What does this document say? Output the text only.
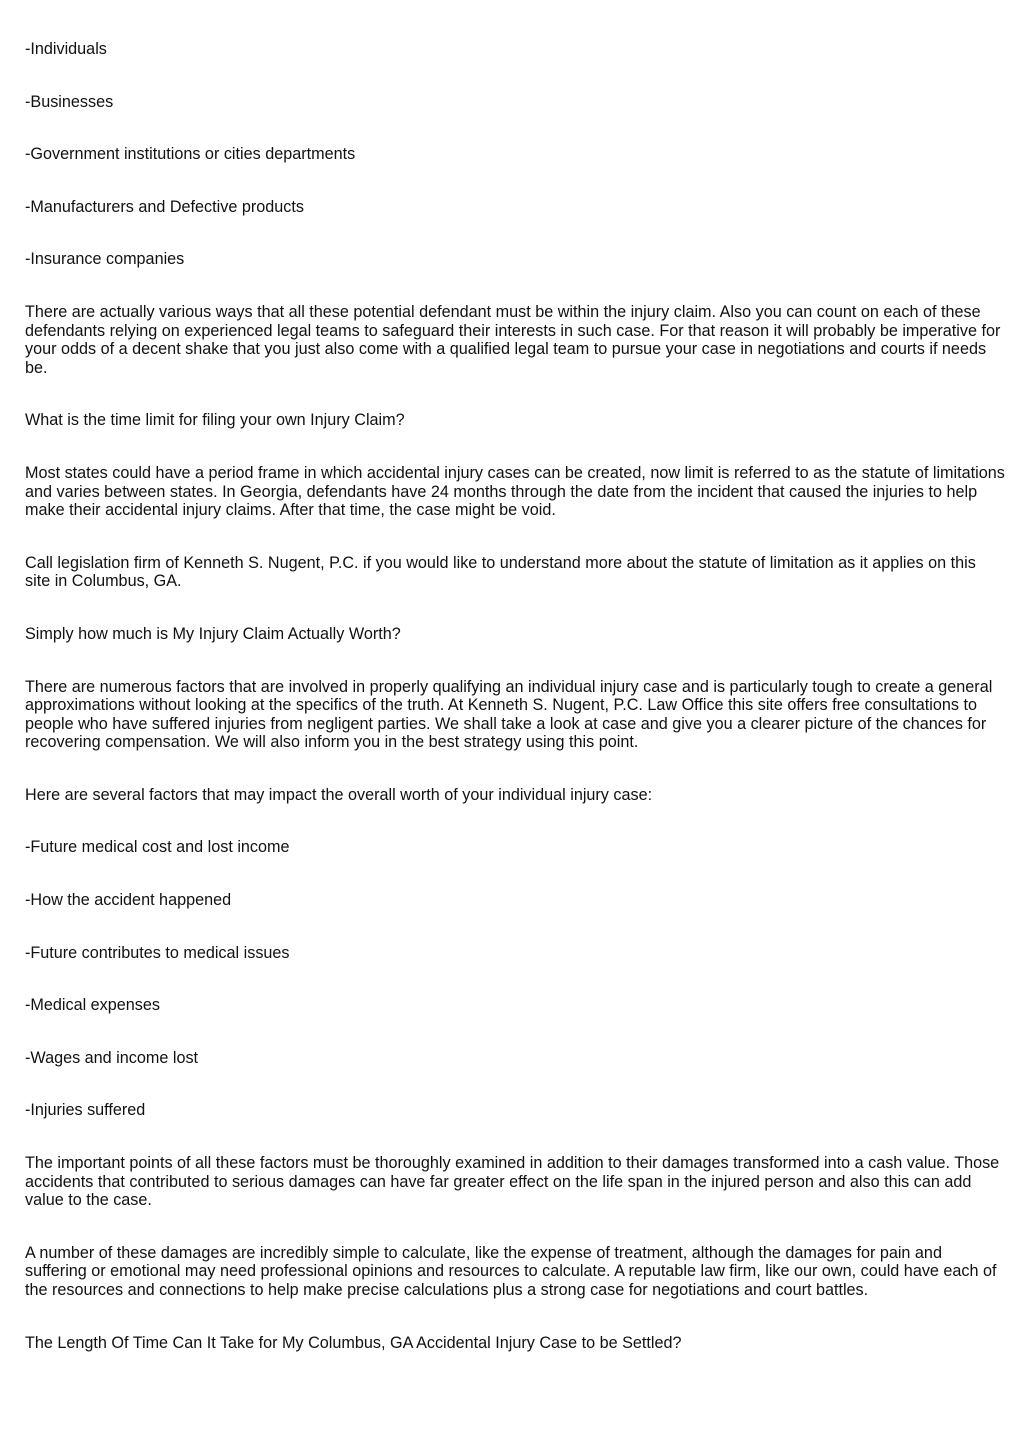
-Individuals

-Businesses

-Government institutions or cities departments

-Manufacturers and Defective products

-Insurance companies

There are actually various ways that all these potential defendant must be within the injury claim. Also you can count on each of these defendants relying on experienced legal teams to safeguard their interests in such case. For that reason it will probably be imperative for your odds of a decent shake that you just also come with a qualified legal team to pursue your case in negotiations and courts if needs be.

What is the time limit for filing your own Injury Claim?

Most states could have a period frame in which accidental injury cases can be created, now limit is referred to as the statute of limitations and varies between states. In Georgia, defendants have 24 months through the date from the incident that caused the injuries to help make their accidental injury claims. After that time, the case might be void.

Call legislation firm of Kenneth S. Nugent, P.C. if you would like to understand more about the statute of limitation as it applies on this site in Columbus, GA.

Simply how much is My Injury Claim Actually Worth?

There are numerous factors that are involved in properly qualifying an individual injury case and is particularly tough to create a general approximations without looking at the specifics of the truth. At Kenneth S. Nugent, P.C. Law Office this site offers free consultations to people who have suffered injuries from negligent parties. We shall take a look at case and give you a clearer picture of the chances for recovering compensation. We will also inform you in the best strategy using this point.

Here are several factors that may impact the overall worth of your individual injury case:

-Future medical cost and lost income

-How the accident happened

-Future contributes to medical issues

-Medical expenses

-Wages and income lost

-Injuries suffered

The important points of all these factors must be thoroughly examined in addition to their damages transformed into a cash value. Those accidents that contributed to serious damages can have far greater effect on the life span in the injured person and also this can add value to the case.

A number of these damages are incredibly simple to calculate, like the expense of treatment, although the damages for pain and suffering or emotional may need professional opinions and resources to calculate. A reputable law firm, like our own, could have each of the resources and connections to help make precise calculations plus a strong case for negotiations and court battles.

The Length Of Time Can It Take for My Columbus, GA Accidental Injury Case to be Settled?
